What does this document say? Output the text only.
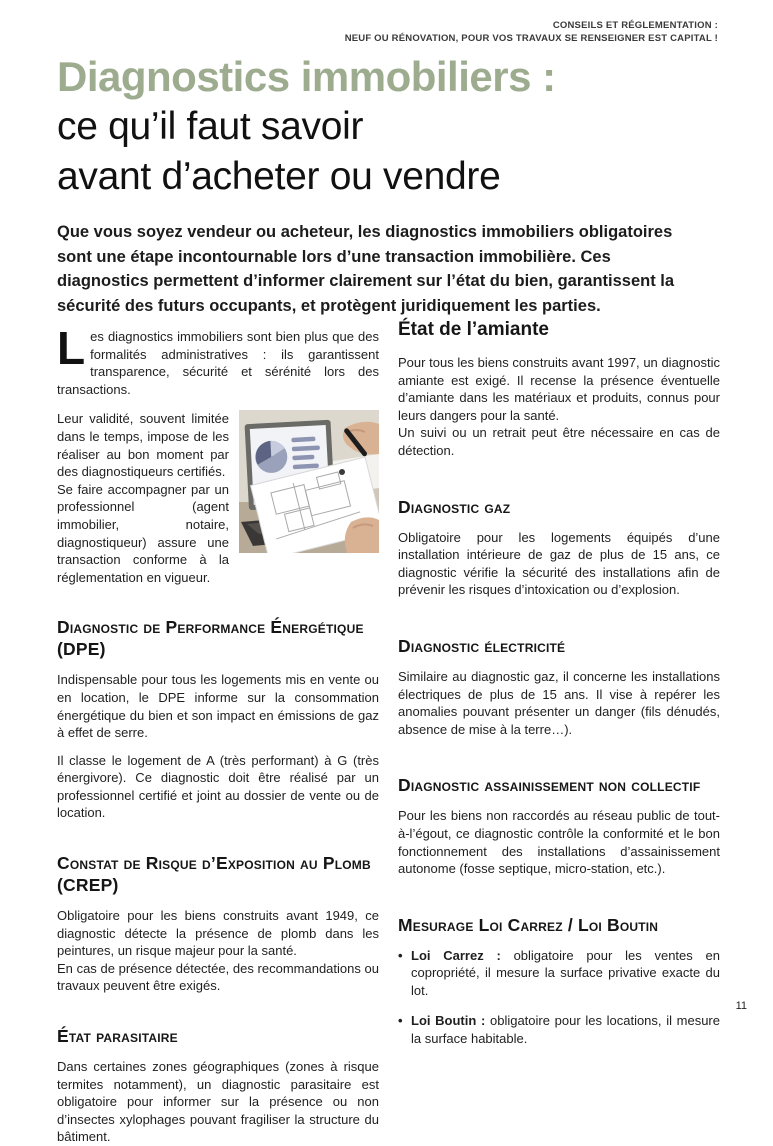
CONSEILS ET RÉGLEMENTATION :
NEUF OU RÉNOVATION, POUR VOS TRAVAUX SE RENSEIGNER EST CAPITAL !
Diagnostics immobiliers :
ce qu’il faut savoir
avant d’acheter ou vendre
Que vous soyez vendeur ou acheteur, les diagnostics immobiliers obligatoires sont une étape incontournable lors d’une transaction immobilière. Ces diagnostics permettent d’informer clairement sur l’état du bien, garantissent la sécurité des futurs occupants, et protègent juridiquement les parties.

Les diagnostics immobiliers sont bien plus que des formalités administratives : ils garantissent transparence, sécurité et sérénité lors des transactions.

Leur validité, souvent limitée dans le temps, impose de les réaliser au bon moment par des diagnostiqueurs certifiés.

Se faire accompagner par un professionnel (agent immobilier, notaire, diagnostiqueur) assure une transaction conforme à la réglementation en vigueur.

Diagnostic de Performance Énergétique (DPE)

Indispensable pour tous les logements mis en vente ou en location, le DPE informe sur la consommation énergétique du bien et son impact en émissions de gaz à effet de serre.

Il classe le logement de A (très performant) à G (très énergivore). Ce diagnostic doit être réalisé par un professionnel certifié et joint au dossier de vente ou de location.

Constat de Risque d’Exposition au Plomb (CREP)

Obligatoire pour les biens construits avant 1949, ce diagnostic détecte la présence de plomb dans les peintures, un risque majeur pour la santé.

En cas de présence détectée, des recommandations ou travaux peuvent être exigés.

État parasitaire

Dans certaines zones géographiques (zones à risque termites notamment), un diagnostic parasitaire est obligatoire pour informer sur la présence ou non d’insectes xylophages pouvant fragiliser la structure du bâtiment.

État de l’amiante

Pour tous les biens construits avant 1997, un diagnostic amiante est exigé. Il recense la présence éventuelle d’amiante dans les matériaux et produits, connus pour leurs dangers pour la santé.

Un suivi ou un retrait peut être nécessaire en cas de détection.

Diagnostic gaz

Obligatoire pour les logements équipés d’une installation intérieure de gaz de plus de 15 ans, ce diagnostic vérifie la sécurité des installations afin de prévenir les risques d’intoxication ou d’explosion.

Diagnostic électricité

Similaire au diagnostic gaz, il concerne les installations électriques de plus de 15 ans. Il vise à repérer les anomalies pouvant présenter un danger (fils dénudés, absence de mise à la terre…).

Diagnostic assainissement non collectif

Pour les biens non raccordés au réseau public de tout-à-l’égout, ce diagnostic contrôle la conformité et le bon fonctionnement des installations d’assainissement autonome (fosse septique, micro-station, etc.).

Mesurage Loi Carrez / Loi Boutin
• Loi Carrez : obligatoire pour les ventes en copropriété, il mesure la surface privative exacte du lot.
• Loi Boutin : obligatoire pour les locations, il mesure la surface habitable.
11
